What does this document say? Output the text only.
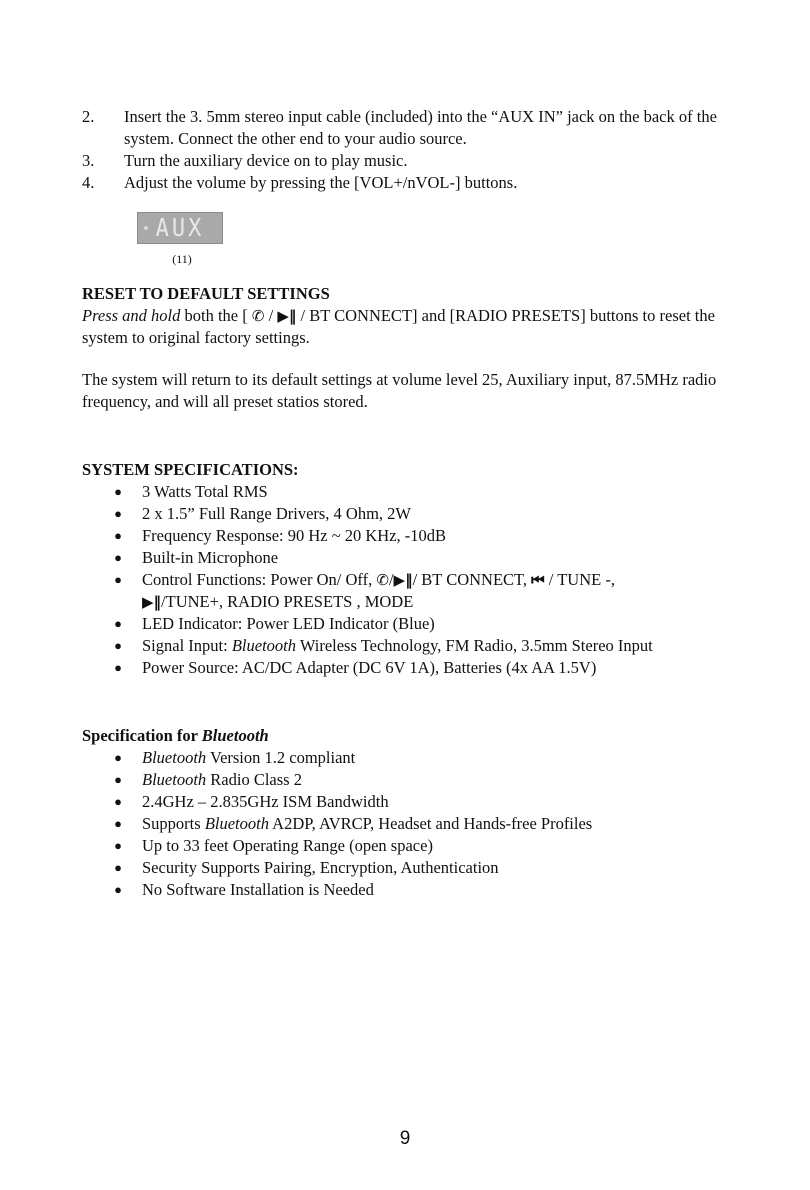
2.	Insert the 3. 5mm stereo input cable (included) into the “AUX IN” jack on the back of the system. Connect the other end to your audio source.
3.	Turn the auxiliary device on to play music.
4.	Adjust the volume by pressing the [VOL+/nVOL-] buttons.
AUX
(11)
RESET TO DEFAULT SETTINGS

Press and hold both the [ ✆ / ▶‖ / BT CONNECT] and [RADIO PRESETS] buttons to reset the system to original factory settings.

The system will return to its default settings at volume level 25, Auxiliary input, 87.5MHz radio frequency, and will all preset statios stored.

SYSTEM SPECIFICATIONS:
●	3 Watts Total RMS
●	2 x 1.5” Full Range Drivers, 4 Ohm, 2W
●	Frequency Response: 90 Hz ~ 20 KHz, -10dB
●	Built-in Microphone
●	Control Functions: Power On/ Off, ✆/▶‖/ BT CONNECT, ⏮ / TUNE -,
▶‖/TUNE+, RADIO PRESETS , MODE
●	LED Indicator: Power LED Indicator (Blue)
●	Signal Input: Bluetooth Wireless Technology, FM Radio, 3.5mm Stereo Input
●	Power Source: AC/DC Adapter (DC 6V 1A), Batteries (4x AA 1.5V)
Specification for Bluetooth
●	Bluetooth Version 1.2 compliant
●	Bluetooth Radio Class 2
●	2.4GHz – 2.835GHz ISM Bandwidth
●	Supports Bluetooth A2DP, AVRCP, Headset and Hands-free Profiles
●	Up to 33 feet Operating Range (open space)
●	Security Supports Pairing, Encryption, Authentication
●	No Software Installation is Needed
9
